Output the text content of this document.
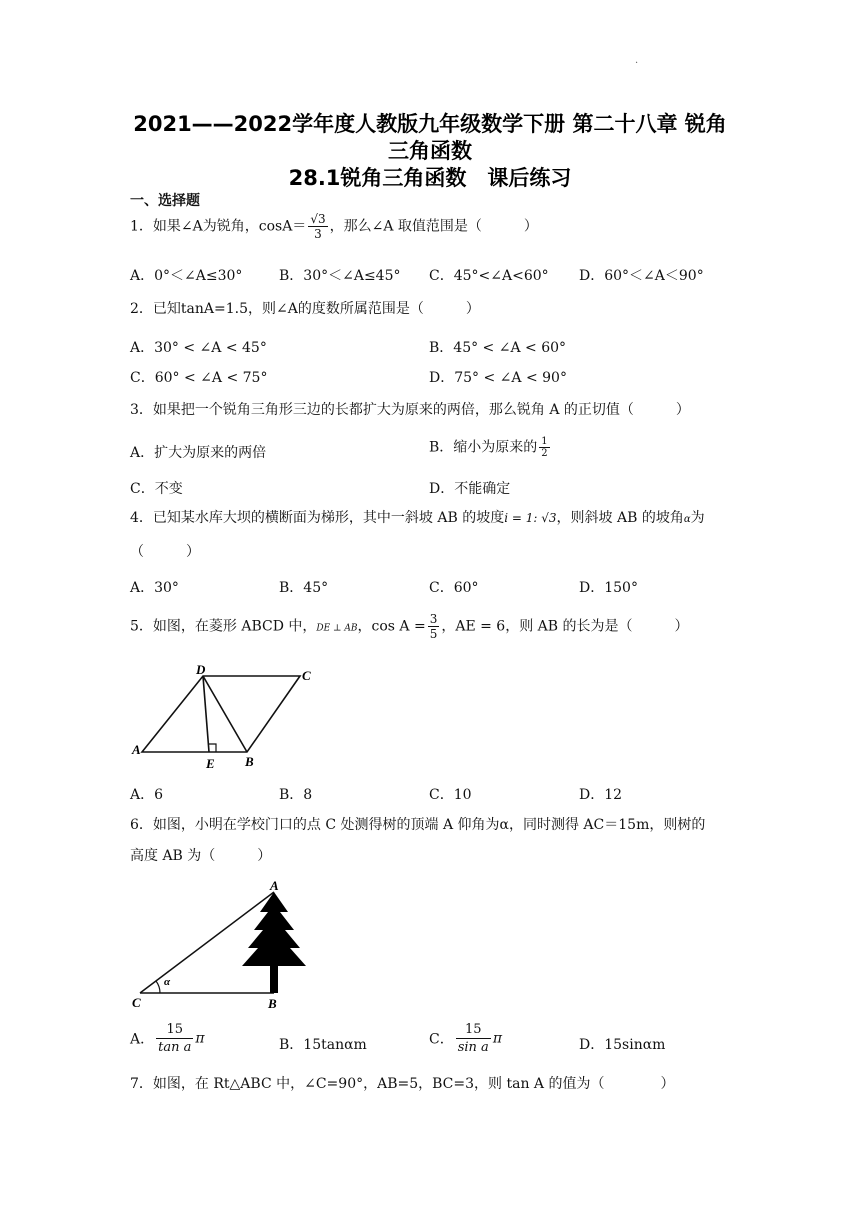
·
2021——2022学年度人教版九年级数学下册 第二十八章 锐角
三角函数
28.1锐角三角函数　课后练习
一、选择题
1．如果∠A为锐角，$\cos A= \frac{√3}{3}$ ，那么∠A 取值范围是（　　　）
A．0°＜∠A≤30°	B．30°＜∠A≤45° C．45°<∠A<60° D．60°＜∠A＜90°
2．已知tanA=1.5，则∠A的度数所属范围是（　　　）
A．30° < ∠A < 45°	B．45° < ∠A < 60°
C．60° < ∠A < 75°	D．75° < ∠A < 90°
3．如果把一个锐角三角形三边的长都扩大为原来的两倍，那么锐角 A 的正切值（　　　）
A．扩大为原来的两倍	B．缩小为原来的 $\frac{1}{2}$
C．不变	D．不能确定
4．已知某水库大坝的横断面为梯形，其中一斜坡 AB 的坡度i = 1: √3，则斜坡 AB 的坡角α为
（　　　）
A．30°	B．45°	C．60°	D．150°
5．如图，在菱形 ABCD 中，DE ⊥ AB，$\cos A = \frac{3}{5}$ ，AE = 6，则 AB 的长为是（　　　）
D	C
A
E B
A．6	B．8	C．10	D．12
6．如图，小明在学校门口的点 C 处测得树的顶端 A 仰角为α，同时测得 AC＝15m，则树的
高度 AB 为（　　　）
A
C	B
α
A． $\frac{15}{\text{tan a}}$ π	B．15tanαm	C． $\frac{15}{\text{sin a}}$ π	D．15sinαm
7．如图，在 Rt△ABC 中，∠C=90°，AB=5，BC=3，则 tan A 的值为（　　　　）
